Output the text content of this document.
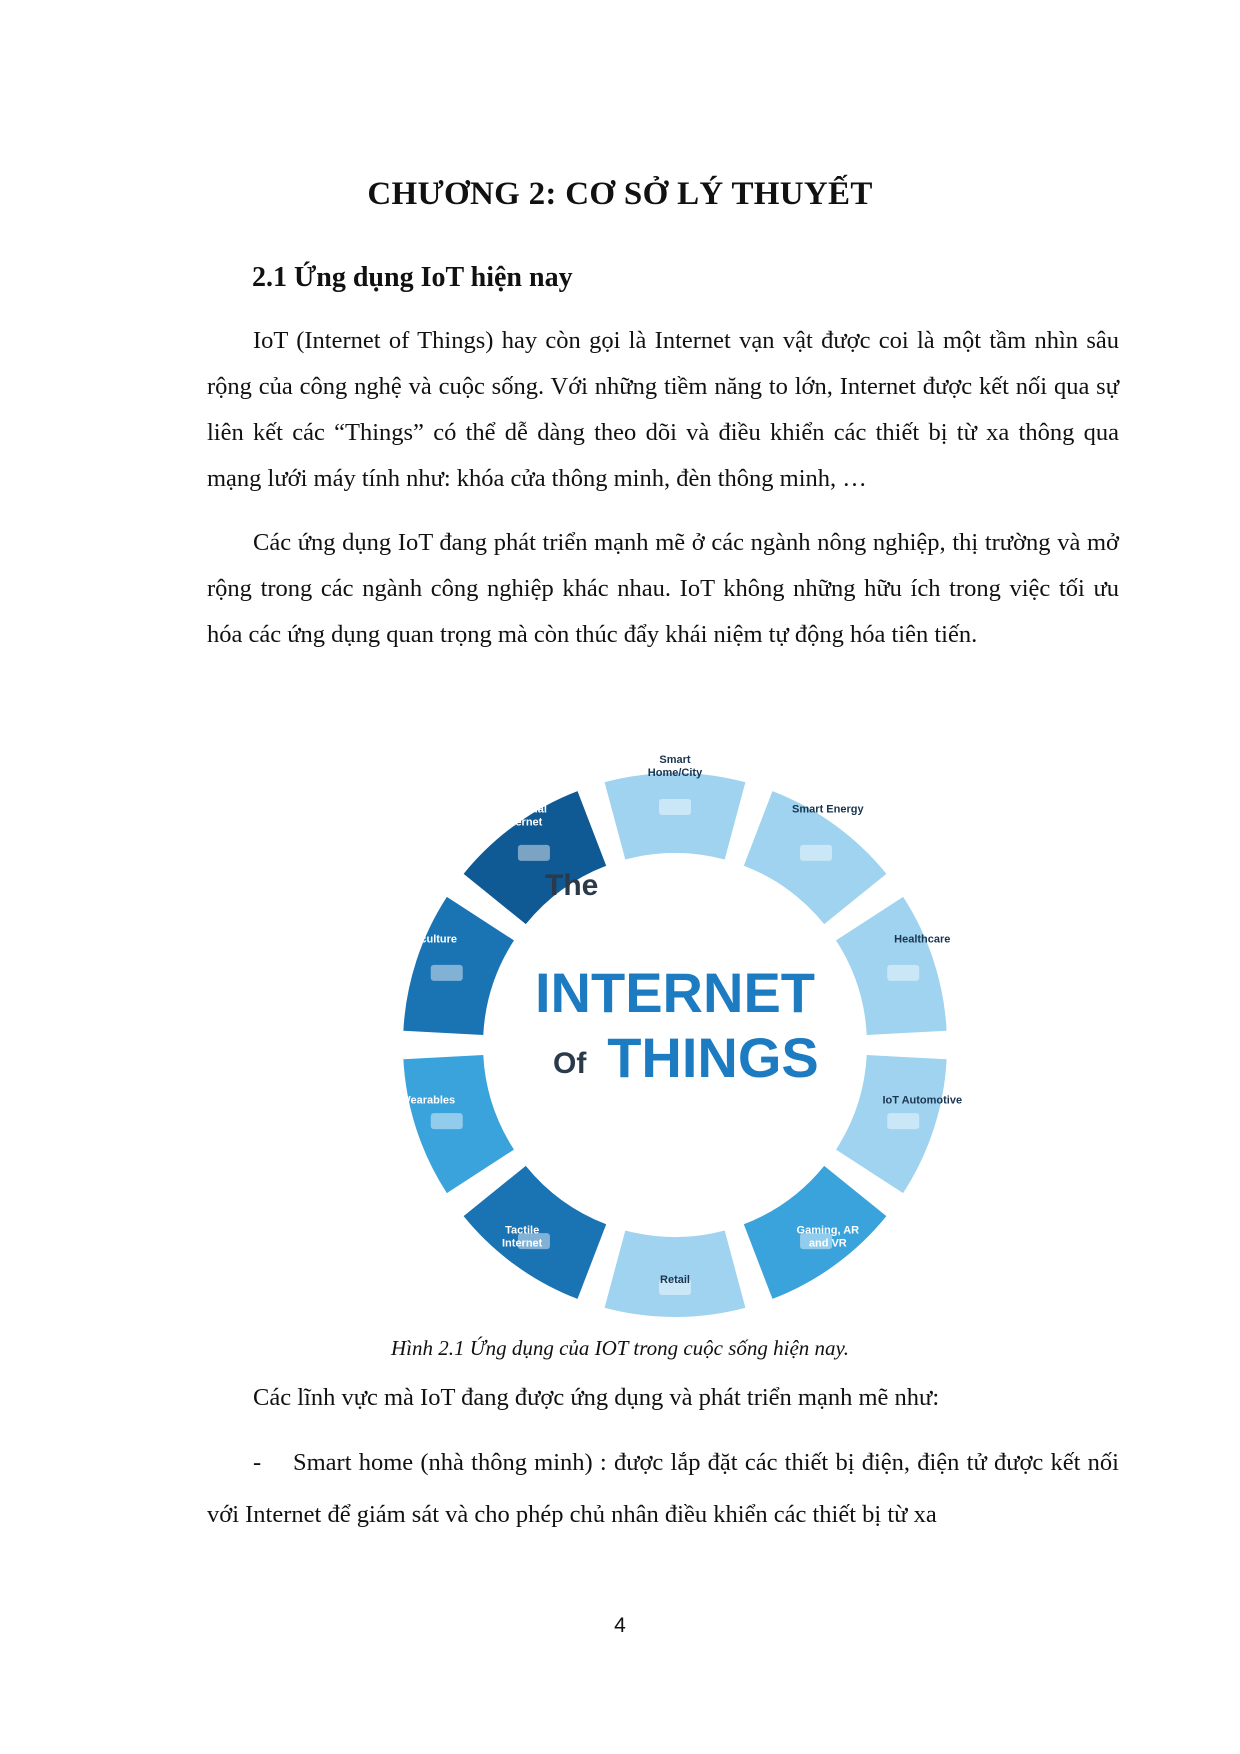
CHƯƠNG 2: CƠ SỞ LÝ THUYẾT
2.1 Ứng dụng IoT hiện nay

IoT (Internet of Things) hay còn gọi là Internet vạn vật được coi là một tầm nhìn sâu rộng của công nghệ và cuộc sống. Với những tiềm năng to lớn, Internet được kết nối qua sự liên kết các “Things” có thể dễ dàng theo dõi và điều khiển các thiết bị từ xa thông qua mạng lưới máy tính như: khóa cửa thông minh, đèn thông minh, …

Các ứng dụng IoT đang phát triển mạnh mẽ ở các ngành nông nghiệp, thị trường và mở rộng trong các ngành công nghiệp khác nhau. IoT không những hữu ích trong việc tối ưu hóa các ứng dụng quan trọng mà còn thúc đẩy khái niệm tự động hóa tiên tiến.

Smart Home/City
Smart Energy
Healthcare
IoT Automotive
Gaming, AR and VR
Retail
Tactile Internet
Wearables
Agriculture
Industrial Internet
The
INTERNET
Of THINGS

Hình 2.1 Ứng dụng của IOT trong cuộc sống hiện nay.

Các lĩnh vực mà IoT đang được ứng dụng và phát triển mạnh mẽ như:

- Smart home (nhà thông minh) : được lắp đặt các thiết bị điện, điện tử được kết nối với Internet để giám sát và cho phép chủ nhân điều khiển các thiết bị từ xa

4
